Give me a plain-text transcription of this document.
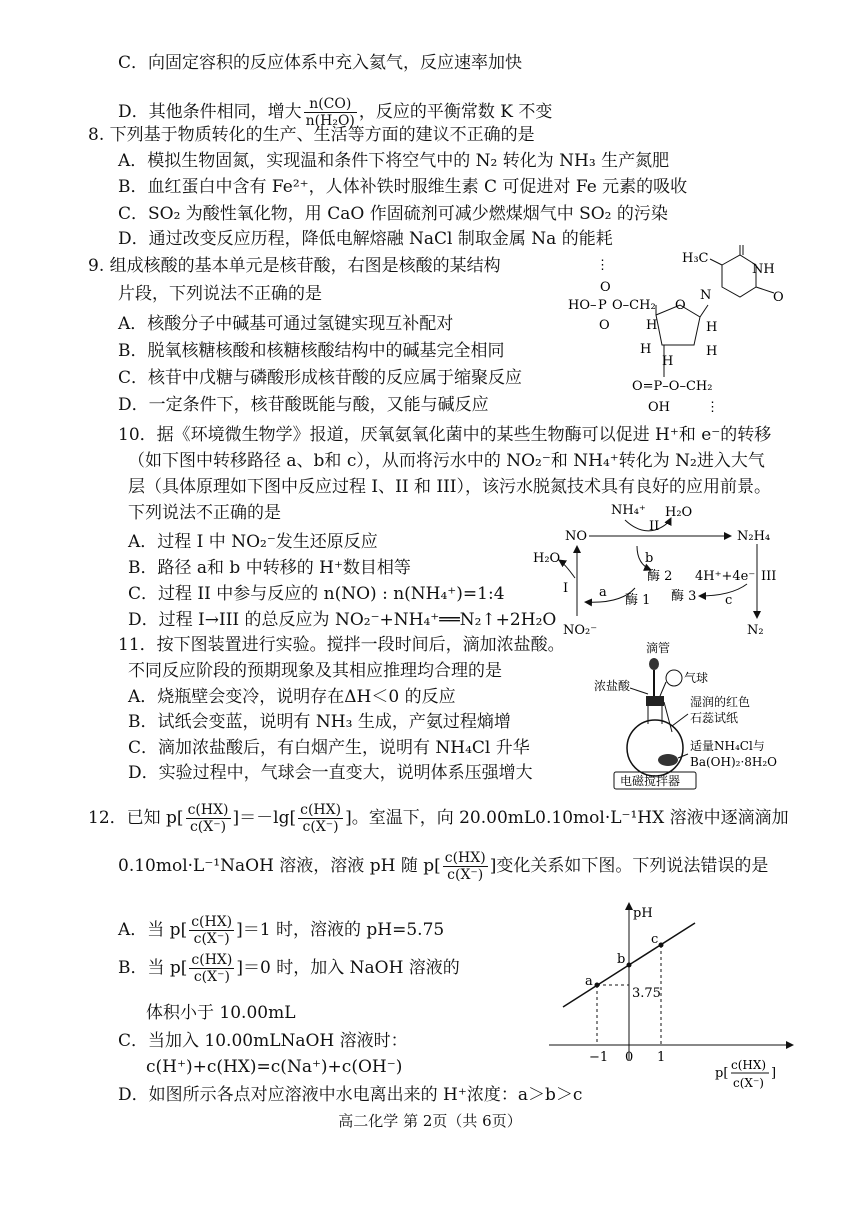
C．向固定容积的反应体系中充入氦气，反应速率加快
D．其他条件相同，增大 $\frac{n(CO)}{\text{n(H₂O)}}$ ，反应的平衡常数 K 不变
8. 下列基于物质转化的生产、生活等方面的建议不正确的是
A．模拟生物固氮，实现温和条件下将空气中的 N₂ 转化为 NH₃ 生产氮肥
B．血红蛋白中含有 Fe²⁺，人体补铁时服维生素 C 可促进对 Fe 元素的吸收
C．SO₂ 为酸性氧化物，用 CaO 作固硫剂可减少燃煤烟气中 SO₂ 的污染
D．通过改变反应历程，降低电解熔融 NaCl 制取金属 Na 的能耗
9. 组成核酸的基本单元是核苷酸，右图是核酸的某结构
片段，下列说法不正确的是
A．核酸分子中碱基可通过氢键实现互补配对
B．脱氧核糖核酸和核糖核酸结构中的碱基完全相同
C．核苷中戊糖与磷酸形成核苷酸的反应属于缩聚反应
D．一定条件下，核苷酸既能与酸，又能与碱反应
H₃C
NH
N	O
⋮
O
HO– P O–CH₂
O
O
H	H
H	H
H
O=P–O–CH₂
OH	⋮
10．据《环境微生物学》报道，厌氧氨氧化菌中的某些生物酶可以促进 H⁺和 e⁻的转移
（如下图中转移路径 a、b和 c），从而将污水中的 NO₂⁻和 NH₄⁺转化为 N₂进入大气
层（具体原理如下图中反应过程 I、II 和 III），该污水脱氮技术具有良好的应用前景。
下列说法不正确的是
A．过程 I 中 NO₂⁻发生还原反应
B．路径 a和 b 中转移的 H⁺数目相等
C．过程 II 中参与反应的 n(NO) : n(NH₄⁺)=1:4
D．过程 I→III 的总反应为 NO₂⁻+NH₄⁺══N₂↑+2H₂O
NH₄⁺ H₂O
NO
II
N₂H₄
III
N₂
4H⁺+4e⁻
H₂O
I
NO₂⁻
a
酶 1
b
酶 2
酶 3 c
11．按下图装置进行实验。搅拌一段时间后，滴加浓盐酸。
不同反应阶段的预期现象及其相应推理均合理的是
A．烧瓶壁会变冷，说明存在ΔH＜0 的反应
B．试纸会变蓝，说明有 NH₃ 生成，产氨过程熵增
C．滴加浓盐酸后，有白烟产生，说明有 NH₄Cl 升华
D．实验过程中，气球会一直变大，说明体系压强增大
滴管
气球
浓盐酸
湿润的红色
石蕊试纸
适量NH₄Cl与
Ba(OH)₂·8H₂O
电磁搅拌器
12．已知 $p[ \frac{c(HX)}{c(X^-)} ]=-\lg[ \frac{c(HX)}{c(X^-)}$ ]。室温下，向 20.00mL0.10mol·L⁻¹HX 溶液中逐滴滴加
0.10mol·L⁻¹NaOH 溶液，溶液 pH 随 $p[ \frac{c(HX)}{c(X^-)}$ ]变化关系如下图。下列说法错误的是
A．当 $p[ \frac{c(HX)}{c(X^-)} ]=1$ 时，溶液的 pH=5.75
B．当 $p[ \frac{c(HX)}{c(X^-)} ]=0$ 时，加入 NaOH 溶液的
体积小于 10.00mL
C．当加入 10.00mLNaOH 溶液时：
c(H⁺)+c(HX)=c(Na⁺)+c(OH⁻)
D．如图所示各点对应溶液中水电离出来的 H⁺浓度：a＞b＞c
pH
a
b
c
3.75
−1 0 1
p[
c(HX)
c(X⁻)
]
高二化学 第 2页（共 6页）
